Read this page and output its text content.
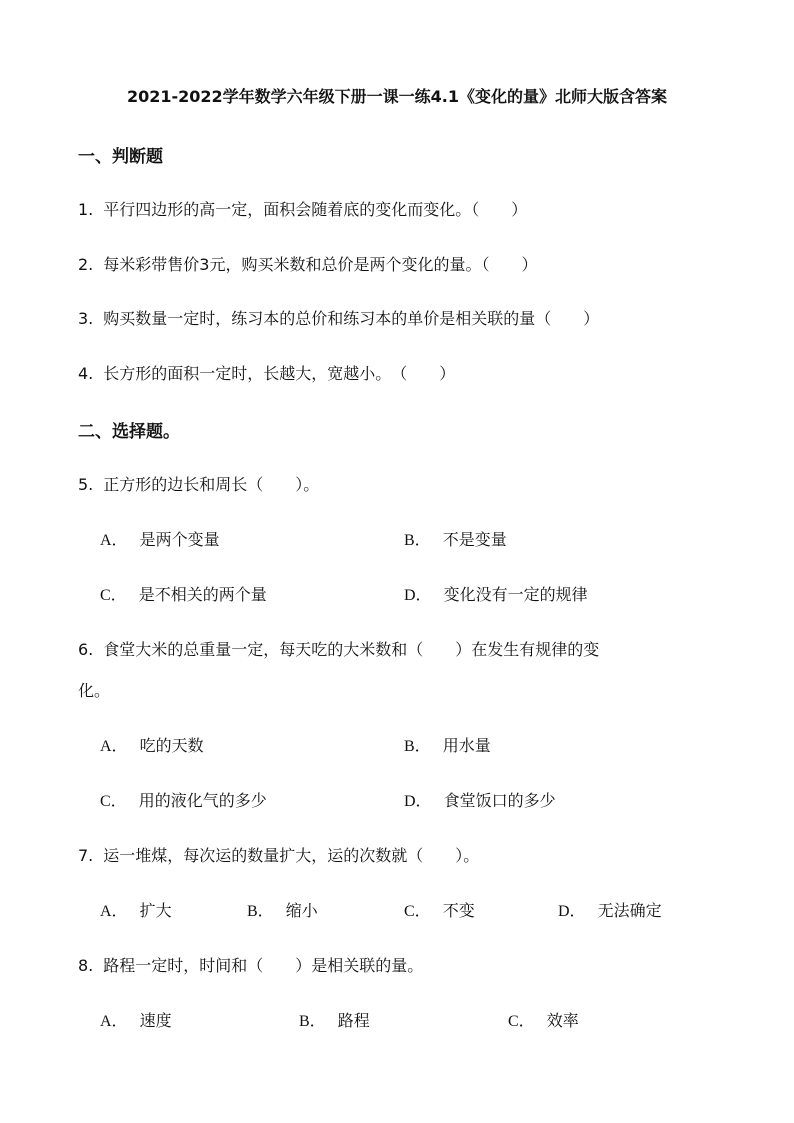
2021-2022学年数学六年级下册一课一练4.1《变化的量》北师大版含答案
一、判断题
1. 平行四边形的高一定，面积会随着底的变化而变化。（　　）
2. 每米彩带售价3元，购买米数和总价是两个变化的量。（　　）
3. 购买数量一定时，练习本的总价和练习本的单价是相关联的量（　　）
4. 长方形的面积一定时，长越大，宽越小。　（　　）
二、选择题。
5. 正方形的边长和周长（　　）。
A． 是两个变量	B． 不是变量
C． 是不相关的两个量	D． 变化没有一定的规律
6. 食堂大米的总重量一定，每天吃的大米数和（　　）在发生有规律的变
化。
A． 吃的天数	B． 用水量
C． 用的液化气的多少	D． 食堂饭口的多少
7. 运一堆煤，每次运的数量扩大，运的次数就（　　）。
A． 扩大	B． 缩小	C． 不变	D． 无法确定
8. 路程一定时，时间和（　　）是相关联的量。
A． 速度	B． 路程	C． 效率
